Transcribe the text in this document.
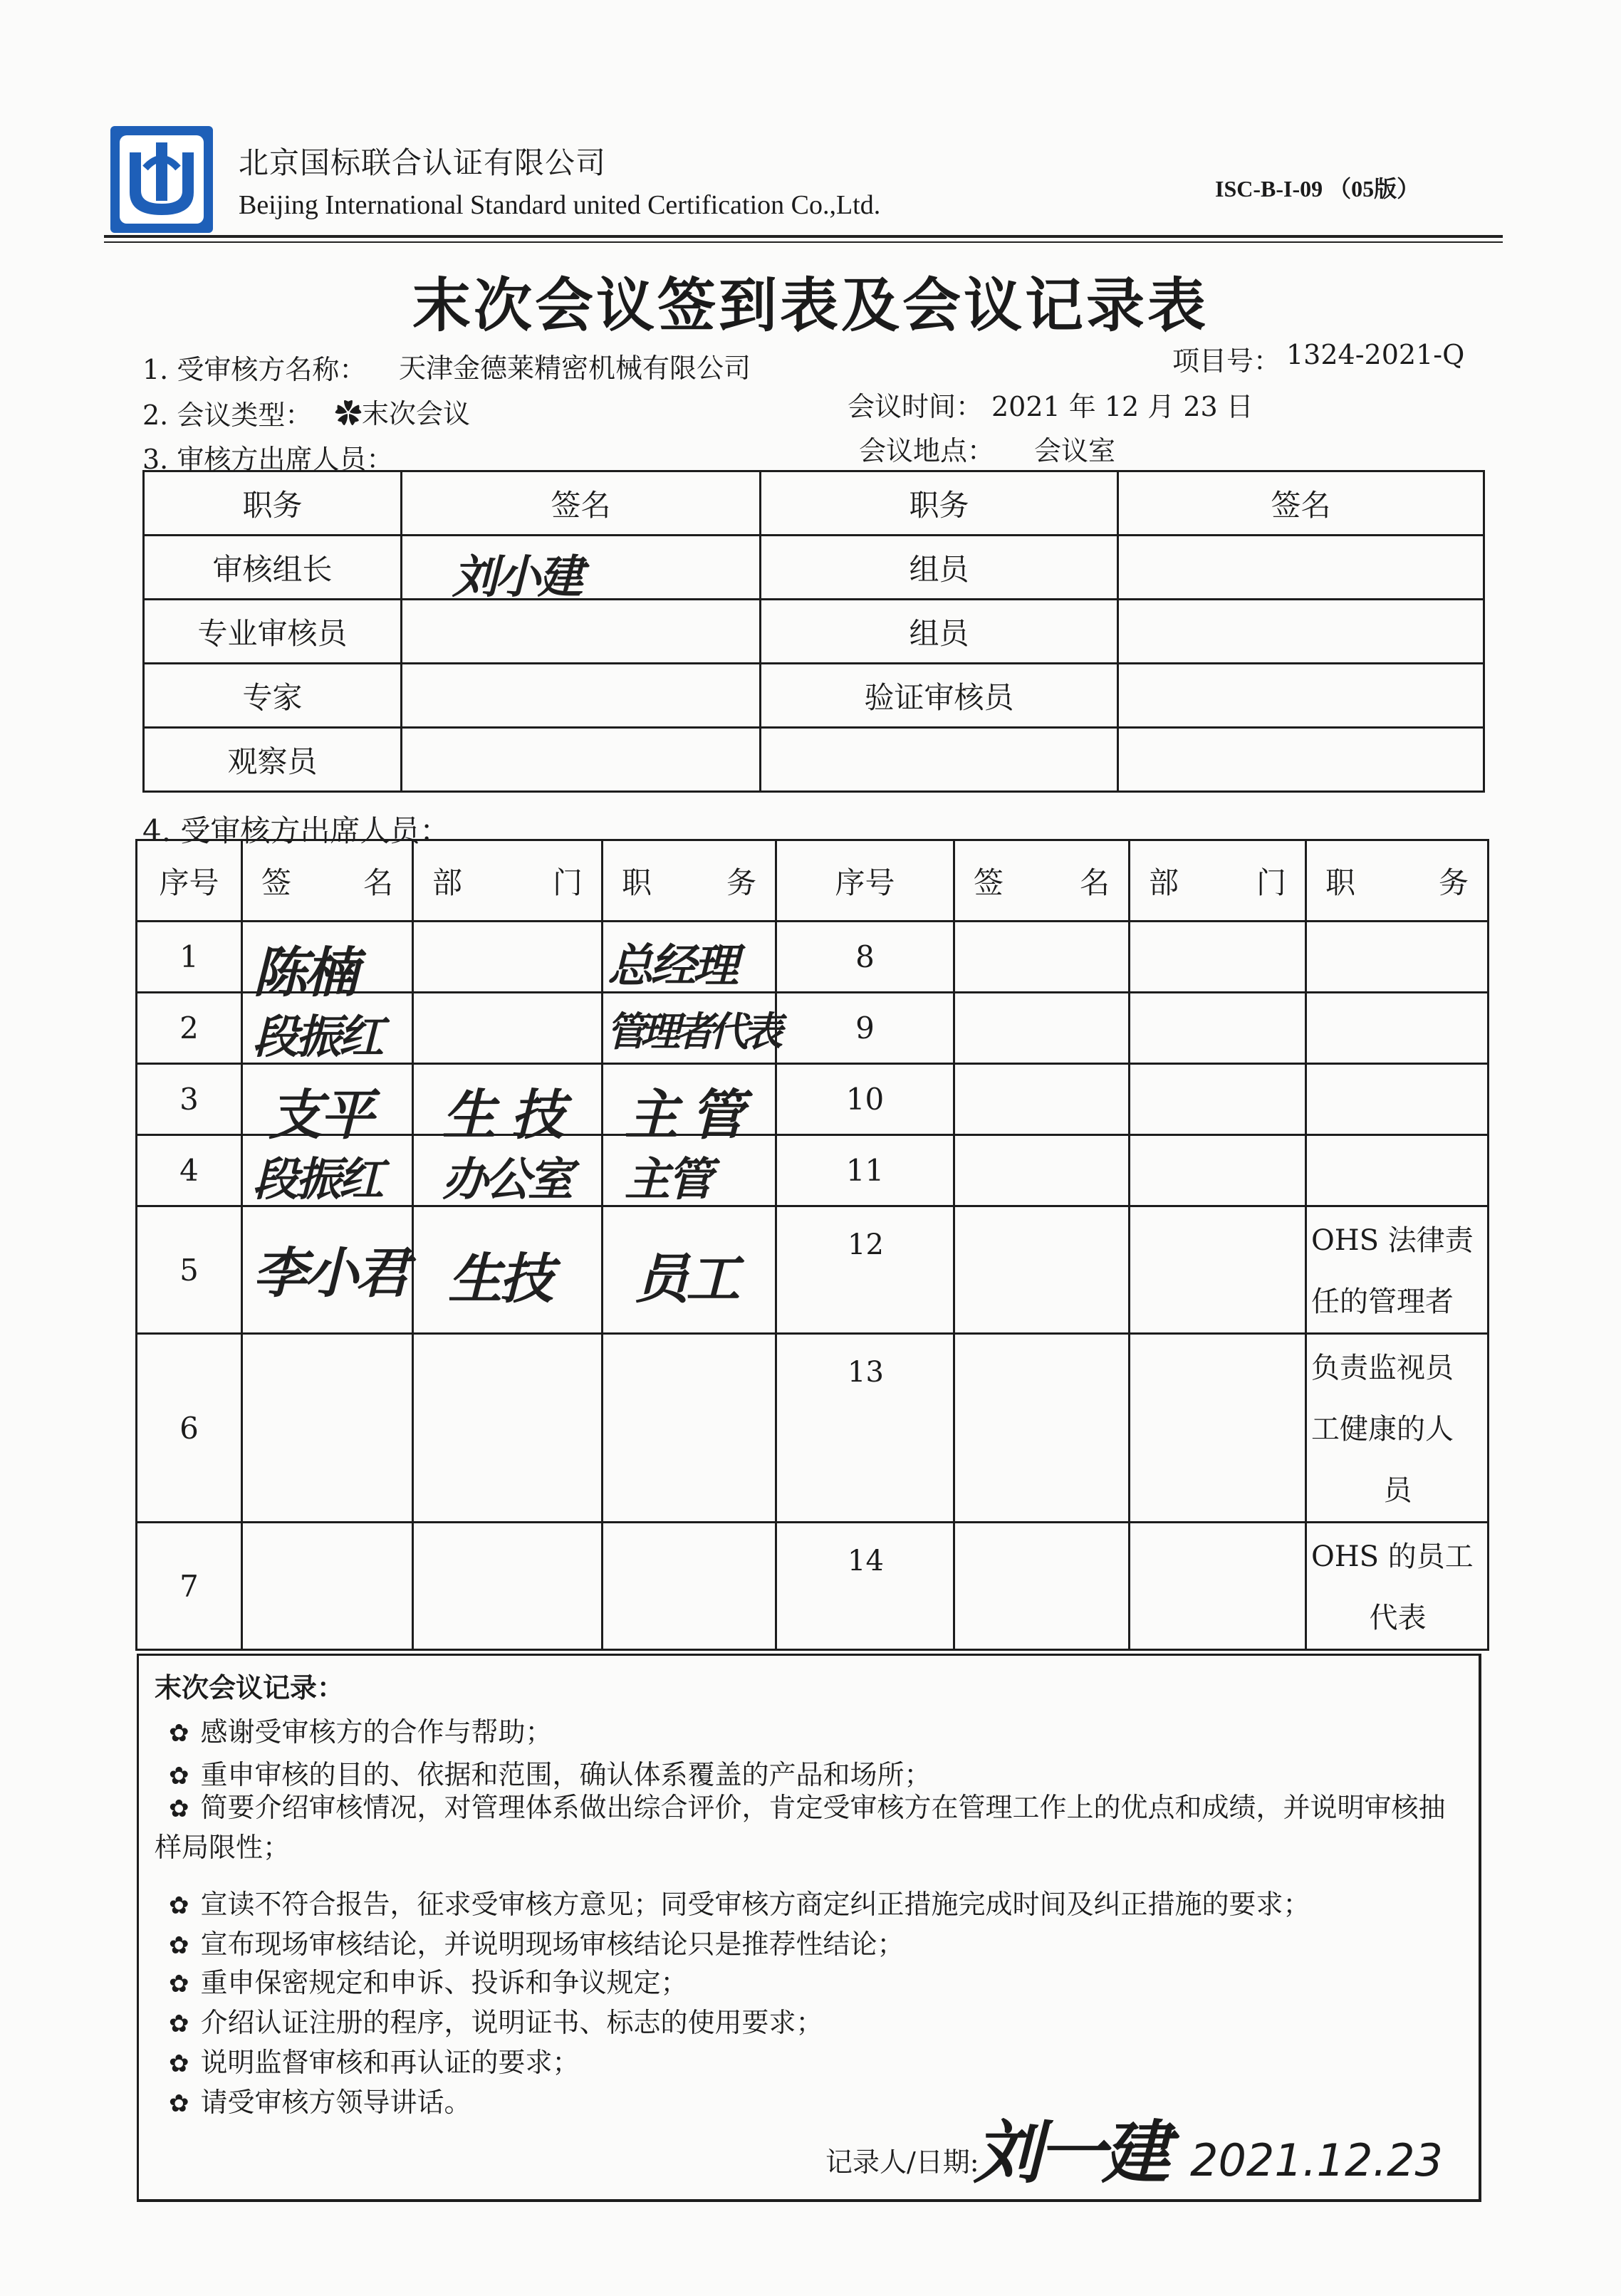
北京国标联合认证有限公司
Beijing International Standard united Certification Co.,Ltd.
ISC-B-I-09 （05版）
末次会议签到表及会议记录表
1. 受审核方名称： 天津金德莱精密机械有限公司	项目号： 1324-2021-Q
2. 会议类型： ✿末次会议	会议时间： 2021 年 12 月 23 日
3. 审核方出席人员：	会议地点： 会议室
职务	签名	职务	签名
审核组长	刘小建	组员	
专业审核员		组员	
专家		验证审核员	
观察员			
4. 受审核方出席人员：
序号	签 名	部 门	职 务	序号	签 名	部 门	职 务

1	陈楠		总经理	8			
2	段振红		管理者代表	9			
3	支平	生技	主管	10			
4	段振红	办公室	主管	11			
5	李小君	生技	员工	12			OHS 法律责
任的管理者

6				13			负责监视员
工健康的人
员

7				14			OHS 的员工
代表
末次会议记录：
✿ 感谢受审核方的合作与帮助；
✿ 重申审核的目的、依据和范围，确认体系覆盖的产品和场所；
✿ 简要介绍审核情况，对管理体系做出综合评价，肯定受审核方在管理工作上的优点和成绩，并说明审核抽样局限性；
✿ 宣读不符合报告，征求受审核方意见；同受审核方商定纠正措施完成时间及纠正措施的要求；
✿ 宣布现场审核结论，并说明现场审核结论只是推荐性结论；
✿ 重申保密规定和申诉、投诉和争议规定；
✿ 介绍认证注册的程序，说明证书、标志的使用要求；
✿ 说明监督审核和再认证的要求；
✿ 请受审核方领导讲话。
记录人/日期:
刘一建 2021.12.23
